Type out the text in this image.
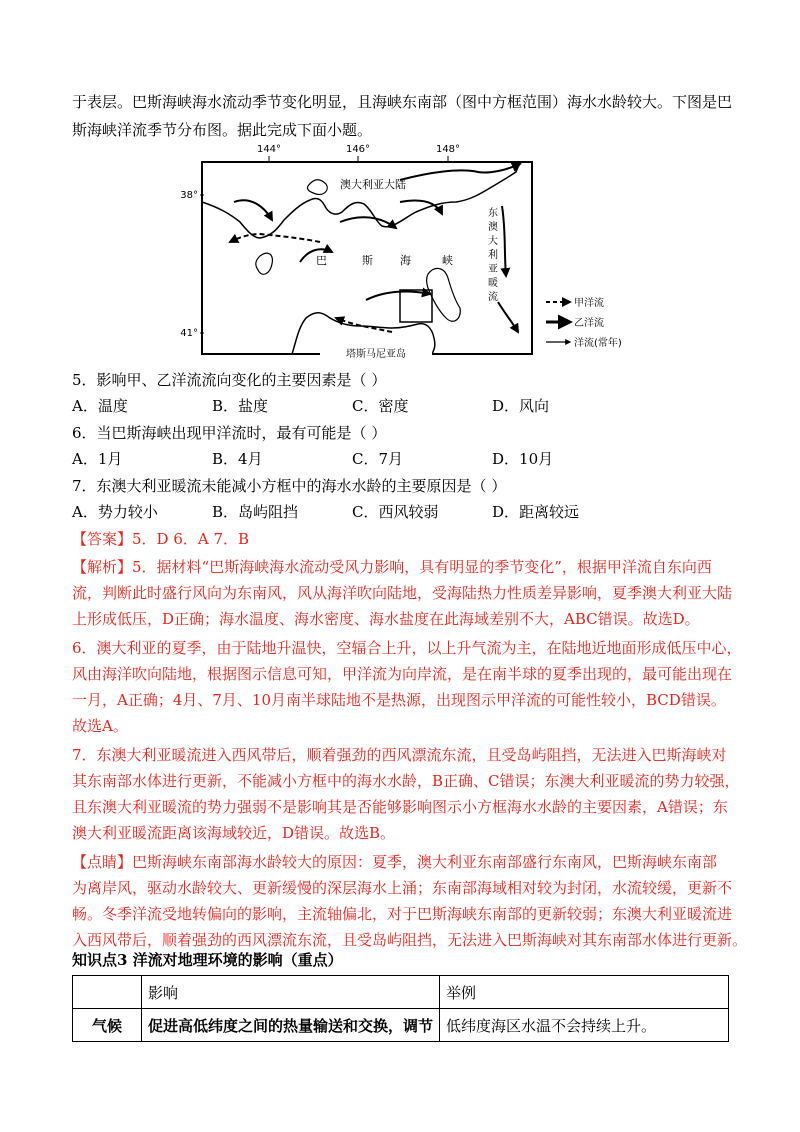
于表层。巴斯海峡海水流动季节变化明显，且海峡东南部（图中方框范围）海水水龄较大。下图是巴
斯海峡洋流季节分布图。据此完成下面小题。
144°	146°	148°
38°
41°
澳大利亚大陆
塔斯马尼亚岛
巴	斯 海	峡
东
澳
大
利
亚
暖
流
甲洋流
乙洋流
洋流(常年)
5．影响甲、乙洋流流向变化的主要因素是（ ）
A．温度	B．盐度	C．密度	D．风向
6．当巴斯海峡出现甲洋流时，最有可能是（ ）
A．1月	B．4月	C．7月	D．10月
7．东澳大利亚暖流未能减小方框中的海水水龄的主要原因是（ ）
A．势力较小	B．岛屿阻挡	C．西风较弱	D．距离较远
【答案】5．D 6．A 7．B
【解析】5．据材料“巴斯海峡海水流动受风力影响，具有明显的季节变化”，根据甲洋流自东向西
流，判断此时盛行风向为东南风，风从海洋吹向陆地，受海陆热力性质差异影响，夏季澳大利亚大陆
上形成低压，D正确；海水温度、海水密度、海水盐度在此海域差别不大，ABC错误。故选D。
6．澳大利亚的夏季，由于陆地升温快，空辐合上升，以上升气流为主，在陆地近地面形成低压中心，
风由海洋吹向陆地，根据图示信息可知，甲洋流为向岸流，是在南半球的夏季出现的，最可能出现在
一月，A正确；4月、7月、10月南半球陆地不是热源，出现图示甲洋流的可能性较小，BCD错误。
故选A。
7．东澳大利亚暖流进入西风带后，顺着强劲的西风漂流东流，且受岛屿阻挡，无法进入巴斯海峡对
其东南部水体进行更新，不能减小方框中的海水水龄，B正确、C错误；东澳大利亚暖流的势力较强，
且东澳大利亚暖流的势力强弱不是影响其是否能够影响图示小方框海水水龄的主要因素，A错误；东
澳大利亚暖流距离该海域较近，D错误。故选B。
【点睛】巴斯海峡东南部海水龄较大的原因：夏季，澳大利亚东南部盛行东南风，巴斯海峡东南部
为离岸风，驱动水龄较大、更新缓慢的深层海水上涌；东南部海域相对较为封闭，水流较缓，更新不
畅。冬季洋流受地转偏向的影响，主流轴偏北，对于巴斯海峡东南部的更新较弱；东澳大利亚暖流进
入西风带后，顺着强劲的西风漂流东流，且受岛屿阻挡，无法进入巴斯海峡对其东南部水体进行更新。
知识点3 洋流对地理环境的影响（重点）
	影响	举例
气候	促进高低纬度之间的热量输送和交换，调节	低纬度海区水温不会持续上升。
